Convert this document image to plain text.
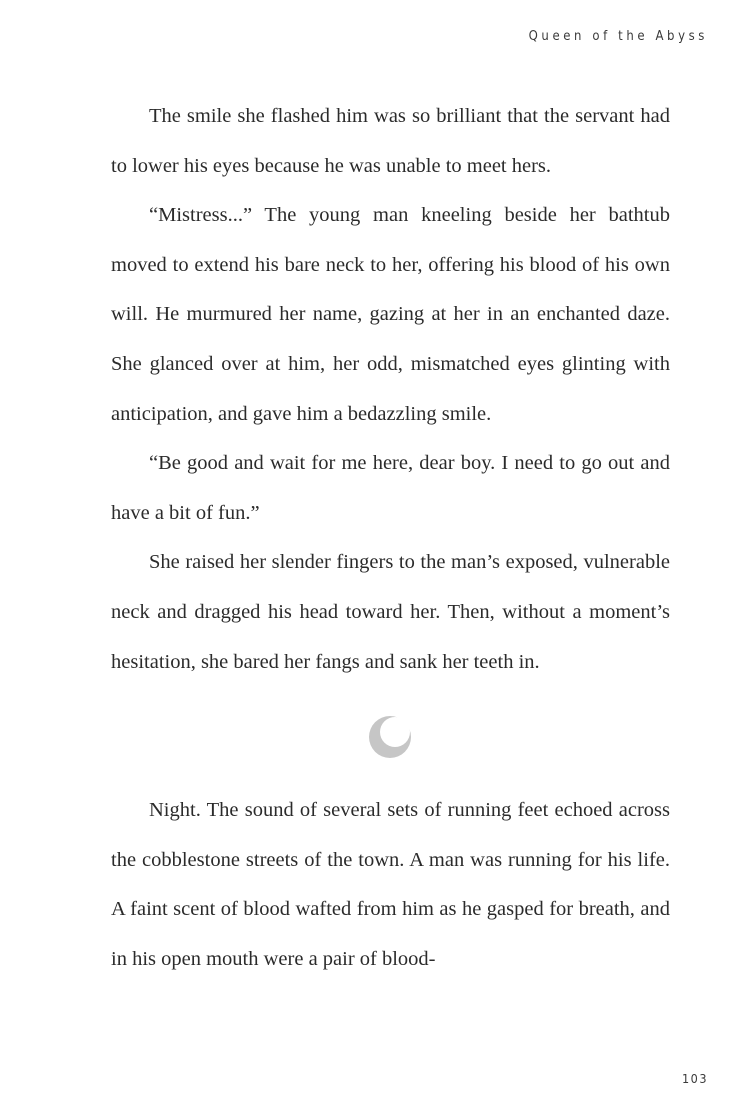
Queen of the Abyss

The smile she flashed him was so brilliant that the servant had to lower his eyes because he was unable to meet hers.

“Mistress...” The young man kneeling beside her bathtub moved to extend his bare neck to her, offering his blood of his own will. He murmured her name, gazing at her in an enchanted daze. She glanced over at him, her odd, mismatched eyes glinting with anticipation, and gave him a bedazzling smile.

“Be good and wait for me here, dear boy. I need to go out and have a bit of fun.”

She raised her slender fingers to the man’s exposed, vulnerable neck and dragged his head toward her. Then, without a moment’s hesitation, she bared her fangs and sank her teeth in.

Night. The sound of several sets of running feet echoed across the cobblestone streets of the town. A man was running for his life. A faint scent of blood wafted from him as he gasped for breath, and in his open mouth were a pair of blood-

103
